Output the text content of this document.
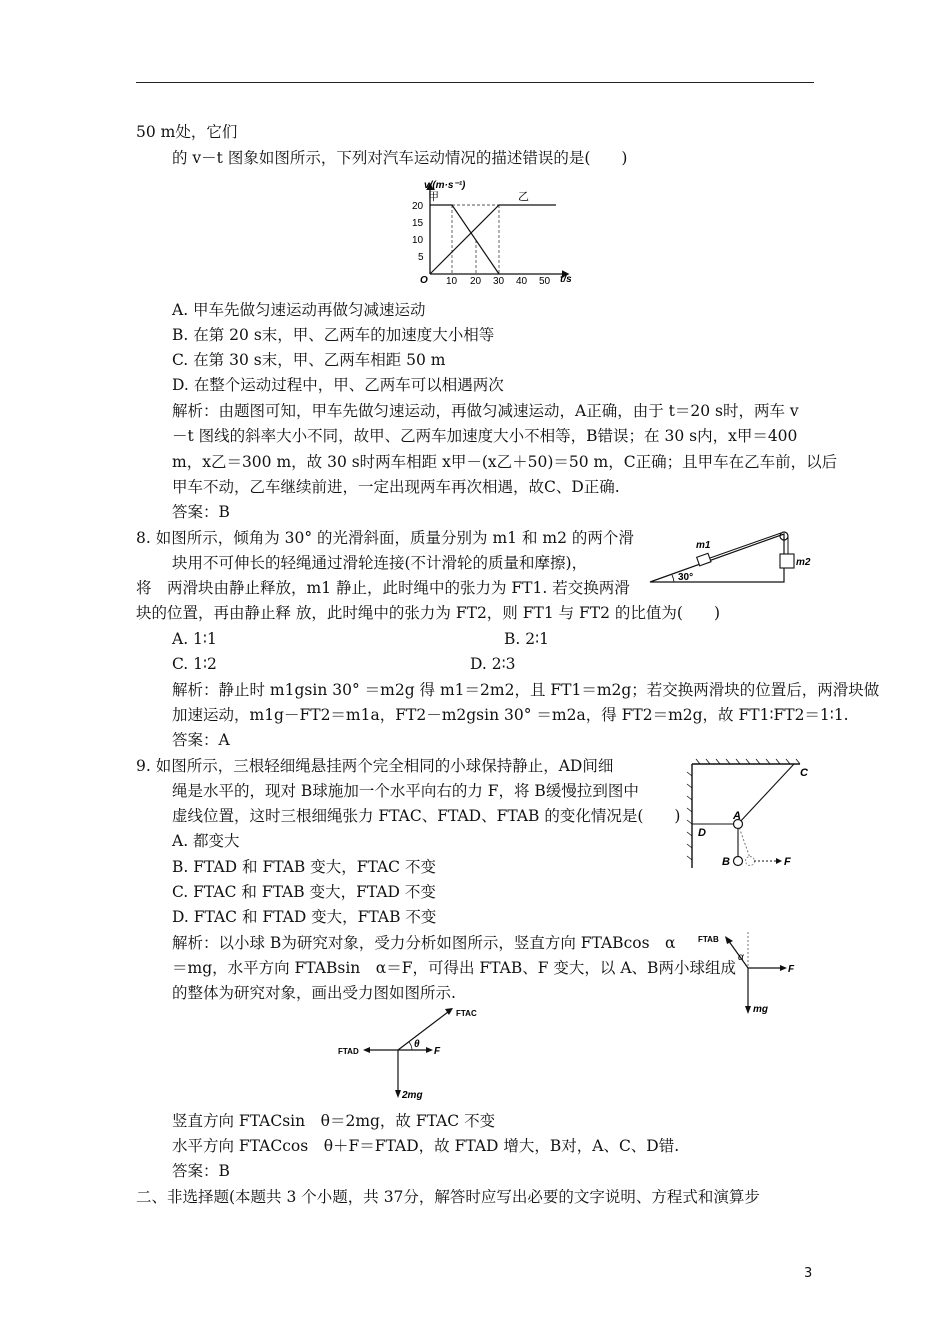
50 m处，它们
的 v－t 图象如图所示，下列对汽车运动情况的描述错误的是(　　)
A. 甲车先做匀速运动再做匀减速运动
B. 在第 20 s末，甲、乙两车的加速度大小相等
C. 在第 30 s末，甲、乙两车相距 50 m
D. 在整个运动过程中，甲、乙两车可以相遇两次
解析：由题图可知，甲车先做匀速运动，再做匀减速运动，A正确，由于 t＝20 s时，两车 v
－t 图线的斜率大小不同，故甲、乙两车加速度大小不相等，B错误；在 30 s内，x甲＝400
m，x乙＝300 m，故 30 s时两车相距 x甲－(x乙＋50)＝50 m，C正确；且甲车在乙车前，以后
甲车不动，乙车继续前进，一定出现两车再次相遇，故C、D正确.
答案：B
8. 如图所示，倾角为 30° 的光滑斜面，质量分别为 m1 和 m2 的两个滑
块用不可伸长的轻绳通过滑轮连接(不计滑轮的质量和摩擦)，
将　两滑块由静止释放，m1 静止，此时绳中的张力为 FT1. 若交换两滑
块的位置，再由静止释 放，此时绳中的张力为 FT2，则 FT1 与 FT2 的比值为(　　)
A. 1∶1	B. 2∶1
C. 1∶2	D. 2∶3
解析：静止时 m1gsin 30° ＝m2g 得 m1＝2m2，且 FT1＝m2g；若交换两滑块的位置后，两滑块做
加速运动，m1g－FT2＝m1a，FT2－m2gsin 30° ＝m2a，得 FT2＝m2g，故 FT1∶FT2＝1∶1.
答案：A
9. 如图所示，三根轻细绳悬挂两个完全相同的小球保持静止，AD间细
绳是水平的，现对 B球施加一个水平向右的力 F，将 B缓慢拉到图中
虚线位置，这时三根细绳张力 FTAC、FTAD、FTAB 的变化情况是(　　)
A. 都变大
B. FTAD 和 FTAB 变大，FTAC 不变
C. FTAC 和 FTAB 变大，FTAD 不变
D. FTAC 和 FTAD 变大，FTAB 不变
解析：以小球 B为研究对象，受力分析如图所示，竖直方向 FTABcos　α
＝mg，水平方向 FTABsin　α＝F，可得出 FTAB、F 变大，以 A、B两小球组成
的整体为研究对象，画出受力图如图所示.
竖直方向 FTACsin　θ＝2mg，故 FTAC 不变
水平方向 FTACcos　θ＋F＝FTAD，故 FTAD 增大，B对，A、C、D错.
答案：B
二、非选择题(本题共 3 个小题，共 37分，解答时应写出必要的文字说明、方程式和演算步
3
v/(m·s⁻¹)
t/s
O
20
15
10
5
10 20 30 40 50
甲	乙
m1
m2
30°
C
A
D
B	F
FTAB
α
F
mg
FTAC
FTAD
θ
F
2mg
